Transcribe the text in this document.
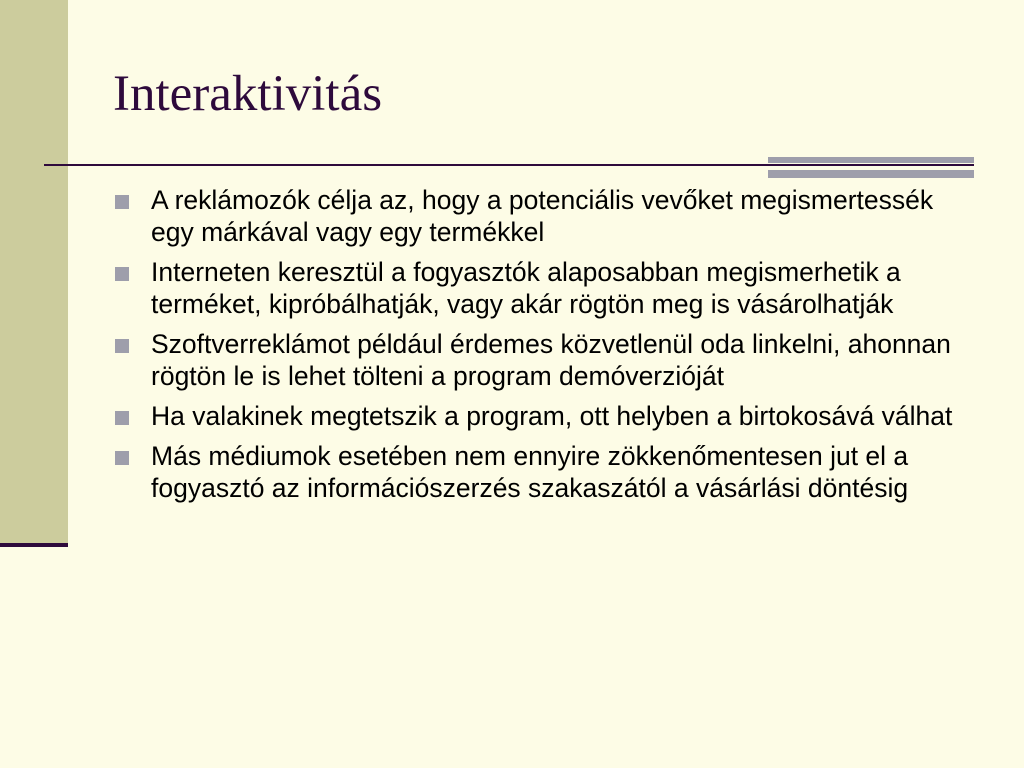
Interaktivitás
A reklámozók célja az, hogy a potenciális vevőket megismertessék egy márkával vagy egy termékkel
Interneten keresztül a fogyasztók alaposabban megismerhetik a terméket, kipróbálhatják, vagy akár rögtön meg is vásárolhatják
Szoftverreklámot például érdemes közvetlenül oda linkelni, ahonnan rögtön le is lehet tölteni a program demóverzióját
Ha valakinek megtetszik a program, ott helyben a birtokosává válhat
Más médiumok esetében nem ennyire zökkenőmentesen jut el a fogyasztó az információszerzés szakaszától a vásárlási döntésig
